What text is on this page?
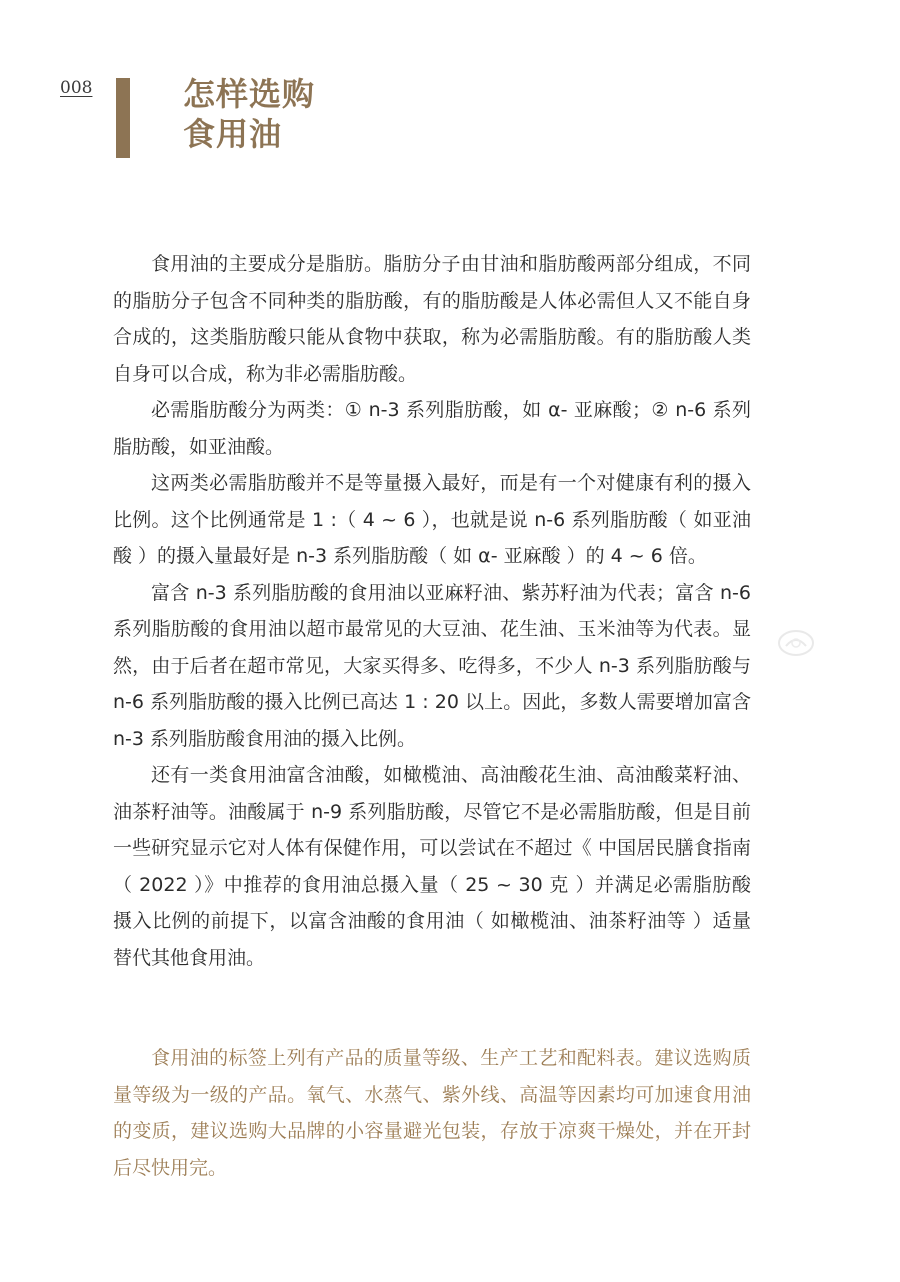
008	怎样选购
食用油

食用油的主要成分是脂肪。脂肪分子由甘油和脂肪酸两部分组成，不同的脂肪分子包含不同种类的脂肪酸，有的脂肪酸是人体必需但人又不能自身合成的，这类脂肪酸只能从食物中获取，称为必需脂肪酸。有的脂肪酸人类自身可以合成，称为非必需脂肪酸。

必需脂肪酸分为两类：① n-3 系列脂肪酸，如 α- 亚麻酸；② n-6 系列脂肪酸，如亚油酸。

这两类必需脂肪酸并不是等量摄入最好，而是有一个对健康有利的摄入比例。这个比例通常是 1 :（ 4 ~ 6 ），也就是说 n-6 系列脂肪酸（ 如亚油酸 ）的摄入量最好是 n-3 系列脂肪酸（ 如 α- 亚麻酸 ）的 4 ~ 6 倍。

富含 n-3 系列脂肪酸的食用油以亚麻籽油、紫苏籽油为代表；富含 n-6 系列脂肪酸的食用油以超市最常见的大豆油、花生油、玉米油等为代表。显然，由于后者在超市常见，大家买得多、吃得多，不少人 n-3 系列脂肪酸与 n-6 系列脂肪酸的摄入比例已高达 1 : 20 以上。因此，多数人需要增加富含 n-3 系列脂肪酸食用油的摄入比例。

还有一类食用油富含油酸，如橄榄油、高油酸花生油、高油酸菜籽油、油茶籽油等。油酸属于 n-9 系列脂肪酸，尽管它不是必需脂肪酸，但是目前一些研究显示它对人体有保健作用，可以尝试在不超过《 中国居民膳食指南（ 2022 ）》中推荐的食用油总摄入量（ 25 ~ 30 克 ）并满足必需脂肪酸摄入比例的前提下，以富含油酸的食用油（ 如橄榄油、油茶籽油等 ）适量替代其他食用油。

食用油的标签上列有产品的质量等级、生产工艺和配料表。建议选购质量等级为一级的产品。氧气、水蒸气、紫外线、高温等因素均可加速食用油的变质，建议选购大品牌的小容量避光包装，存放于凉爽干燥处，并在开封后尽快用完。
